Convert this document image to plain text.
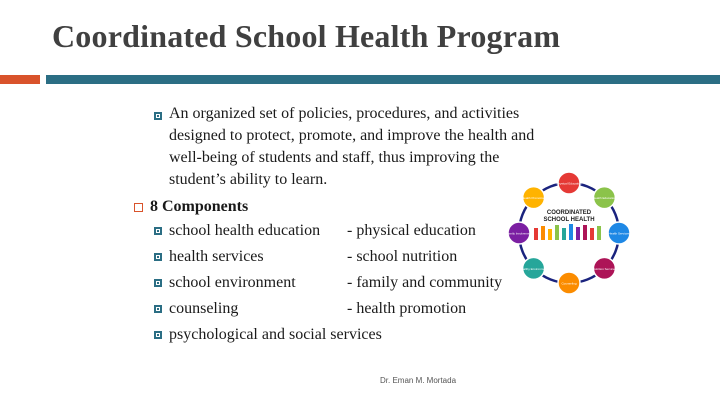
Coordinated School Health Program
An organized set of policies, procedures, and activities
designed to protect, promote, and improve the health and
well-being of students and staff, thus improving the
student’s ability to learn.
8 Components
school health education - physical education
health services	- school nutrition
school environment	- family and community
counseling	- health promotion
psychological and social services
COORDINATED
SCHOOL HEALTH
Physical Education
Health Education
Health Services
Nutrition Services
Counseling
Healthy Environment
Family Involvement
Health Promotion
Dr. Eman M. Mortada
